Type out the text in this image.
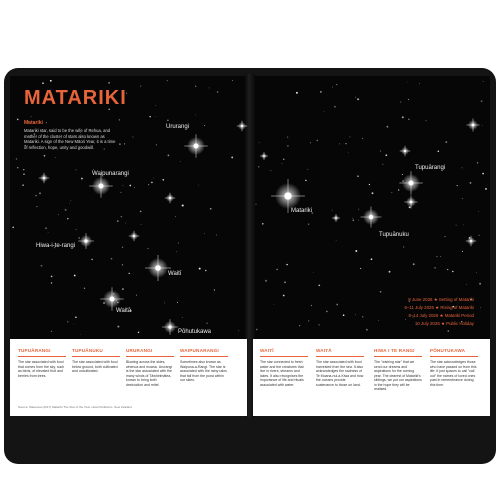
MATARIKI
Matariki
Matariki star, said to be the wife of Rehua, and mother of the cluster of stars also known as Matariki. A sign of the New Māori Year, it is a time of reflection, hope, unity and goodwill.
Ururangi
Waipunarangi
Hiwa-i-te-rangi
Waitī
Waitā
Pōhutukawa
Tupuārangi
Matariki
Tupuānuku
8 June 2026 ★ Setting of Matariki
6–11 July 2026 ★ Rising of Matariki
8–14 July 2026 ★ Matariki Period
10 July 2026 ★ Public Holiday
TUPUĀRANGI
The star associated with food that comes from the sky, such as birds, of elevated fruit and berries from trees.
TUPUĀNUKU
The star associated with food below ground, both cultivated and uncultivated.
URURANGI
Blowing across the skies, whenua and moana. Ururangi is the star associated with the many winds of Tāwhirimātea, known to bring both destruction and relief.
WAIPUNARANGI
Sometimes also known as Waipuna-a-Rangi. The star is associated with the rainy rains that fall from the puna within our skies.
WAITĪ
The star connected to fresh water and the creatures that live in rivers, streams and lakes. It also recognises the importance of life and rituals associated with water.
WAITĀ
The star associated with food harvested from the sea. It also acknowledges the sadness of Te Moana-nui-a-Kiwa and how the oceans provide sustenance to those on land.
HIWA I TE RANGI
The "wishing star" that we send our dreams and aspirations for the coming year. The dearest of Matariki's siblings, we put our aspirations in the hope they will be realised.
PŌHUTUKAWA
The star acknowledges those who have passed on from this life. It just spaces to call "call out" the names of loved ones past in remembrance during this time.
Source: Matamua (2017) Matariki The Star of the Year, Huia Publishers, New Zealand
